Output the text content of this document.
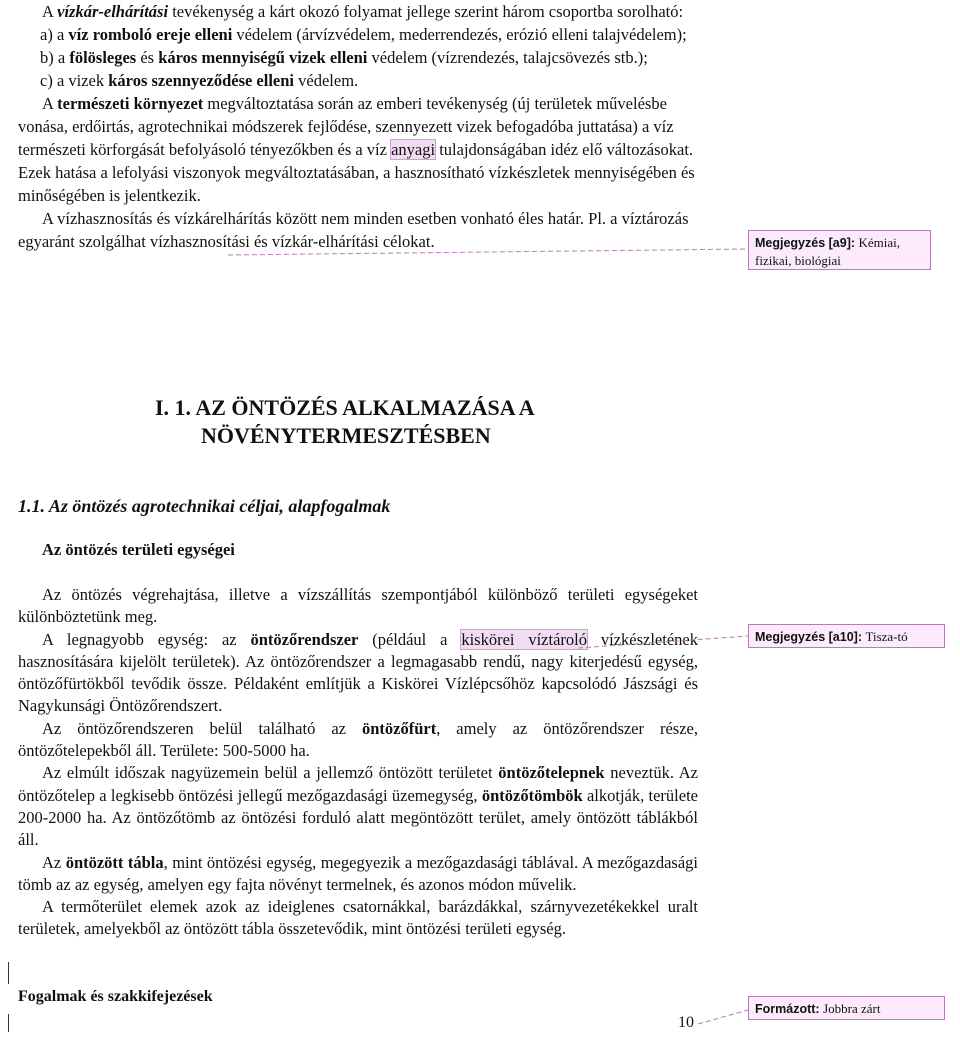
A vízkár-elhárítási tevékenység a kárt okozó folyamat jellege szerint három csoportba sorolható:

a) a víz romboló ereje elleni védelem (árvízvédelem, mederrendezés, erózió elleni talajvédelem);

b) a fölösleges és káros mennyiségű vizek elleni védelem (vízrendezés, talajcsövezés stb.);

c) a vizek káros szennyeződése elleni védelem.

A természeti környezet megváltoztatása során az emberi tevékenység (új területek művelésbe vonása, erdőirtás, agrotechnikai módszerek fejlődése, szennyezett vizek befogadóba juttatása) a víz természeti körforgását befolyásoló tényezőkben és a víz anyagi tulajdonságában idéz elő változásokat. Ezek hatása a lefolyási viszonyok megváltoztatásában, a hasznosítható vízkészletek mennyiségében és minőségében is jelentkezik.

A vízhasznosítás és vízkárelhárítás között nem minden esetben vonható éles határ. Pl. a víztározás egyaránt szolgálhat vízhasznosítási és vízkár-elhárítási célokat.

I. 1. AZ ÖNTÖZÉS ALKALMAZÁSA A
NÖVÉNYTERMESZTÉSBEN
1.1. Az öntözés agrotechnikai céljai, alapfogalmak
Az öntözés területi egységei

Az öntözés végrehajtása, illetve a vízszállítás szempontjából különböző területi egységeket különböztetünk meg.

A legnagyobb egység: az öntözőrendszer (például a kiskörei víztároló vízkészletének hasznosítására kijelölt területek). Az öntözőrendszer a legmagasabb rendű, nagy kiterjedésű egység, öntözőfürtökből tevődik össze. Példaként említjük a Kiskörei Vízlépcsőhöz kapcsolódó Jászsági és Nagykunsági Öntözőrendszert.

Az öntözőrendszeren belül található az öntözőfürt, amely az öntözőrendszer része, öntözőtelepekből áll. Területe: 500-5000 ha.

Az elmúlt időszak nagyüzemein belül a jellemző öntözött területet öntözőtelepnek neveztük. Az öntözőtelep a legkisebb öntözési jellegű mezőgazdasági üzemegység, öntözőtömbök alkotják, területe 200-2000 ha. Az öntözőtömb az öntözési forduló alatt megöntözött terület, amely öntözött táblákból áll.

Az öntözött tábla, mint öntözési egység, megegyezik a mezőgazdasági táblával. A mezőgazdasági tömb az az egység, amelyen egy fajta növényt termelnek, és azonos módon művelik.

A termőterület elemek azok az ideiglenes csatornákkal, barázdákkal, szárnyvezetékekkel uralt területek, amelyekből az öntözött tábla összetevődik, mint öntözési területi egység.

Fogalmak és szakkifejezések
10
Megjegyzés [a9]: Kémiai, fizikai, biológiai
Megjegyzés [a10]: Tisza-tó
Formázott: Jobbra zárt
